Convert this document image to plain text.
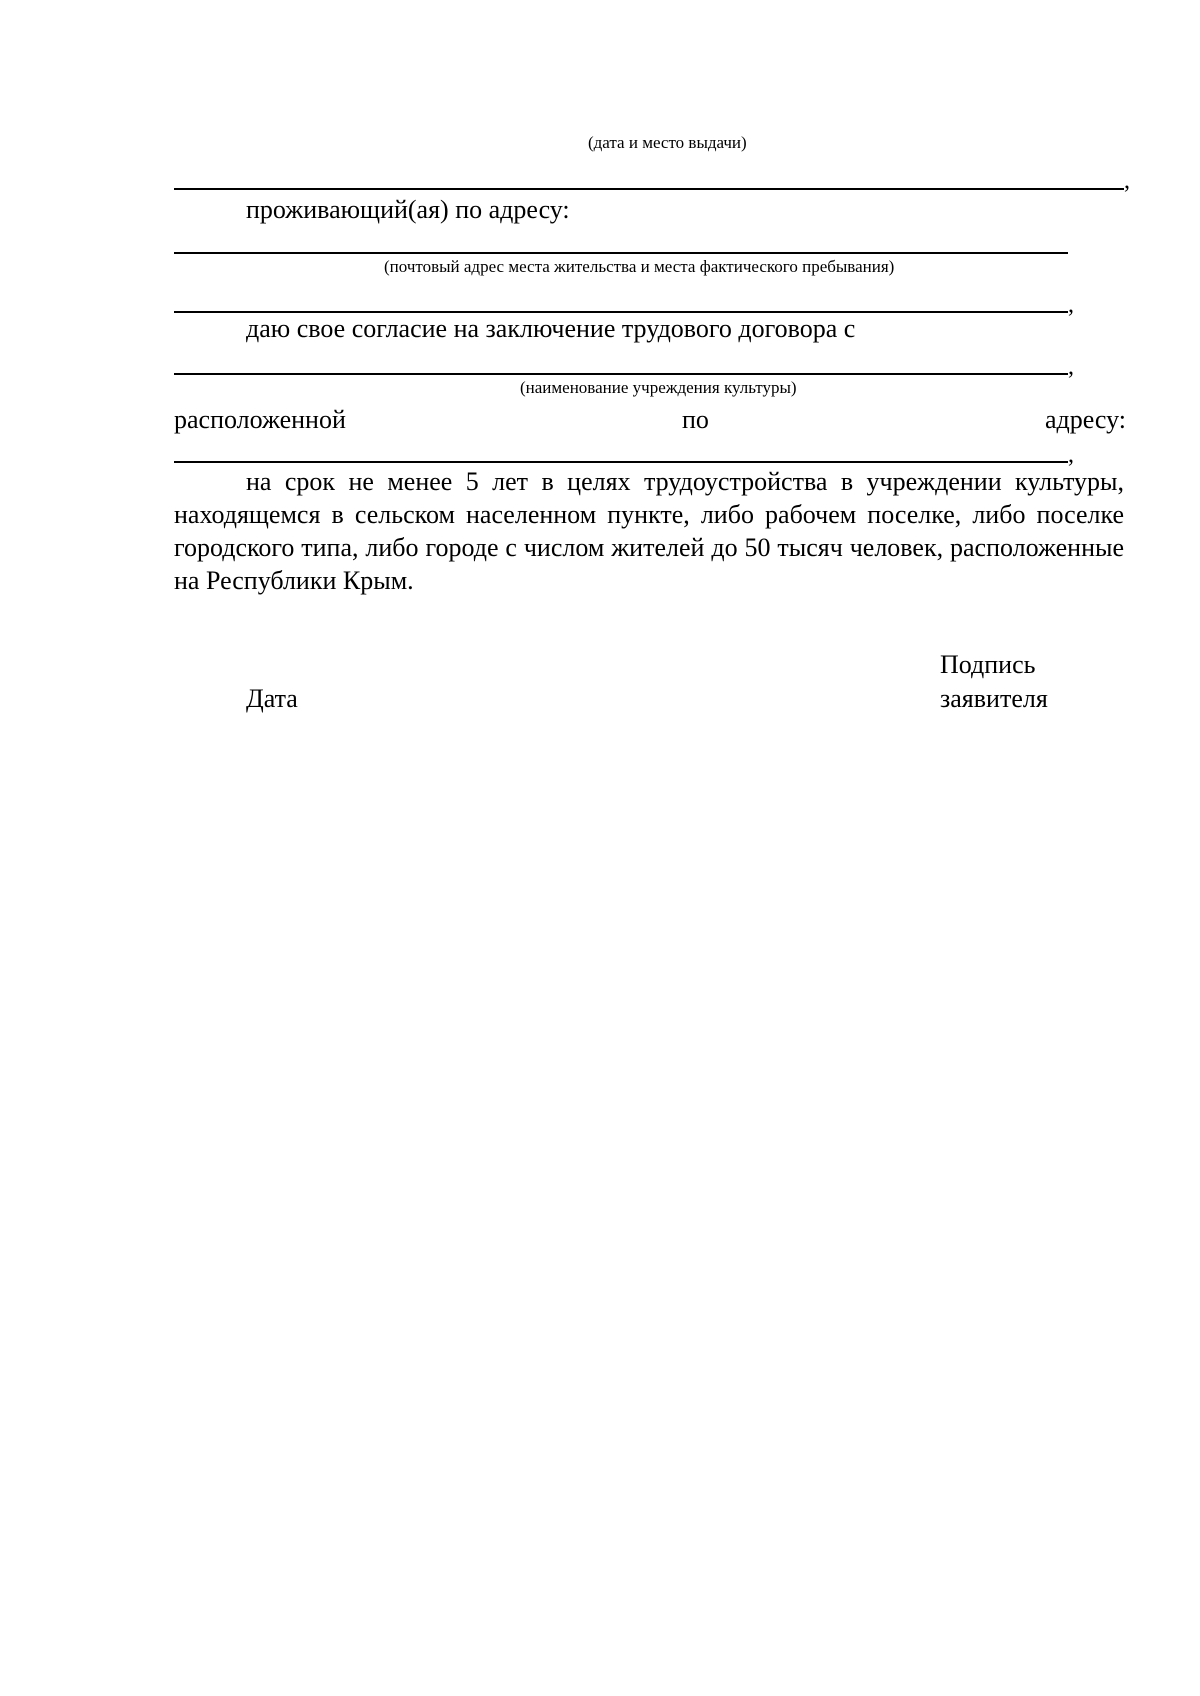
(дата и место выдачи)
,
проживающий(ая) по адресу:
(почтовый адрес места жительства и места фактического пребывания)
,
даю свое согласие на заключение трудового договора с
,
(наименование учреждения культуры)
расположенной	по	адресу:
,
на срок не менее 5 лет в целях трудоустройства в учреждении культуры, находящемся в сельском населенном пункте, либо рабочем поселке, либо поселке городского типа, либо городе с числом жителей до 50 тысяч человек, расположенные на Республики Крым.
Подпись
Дата	заявителя
